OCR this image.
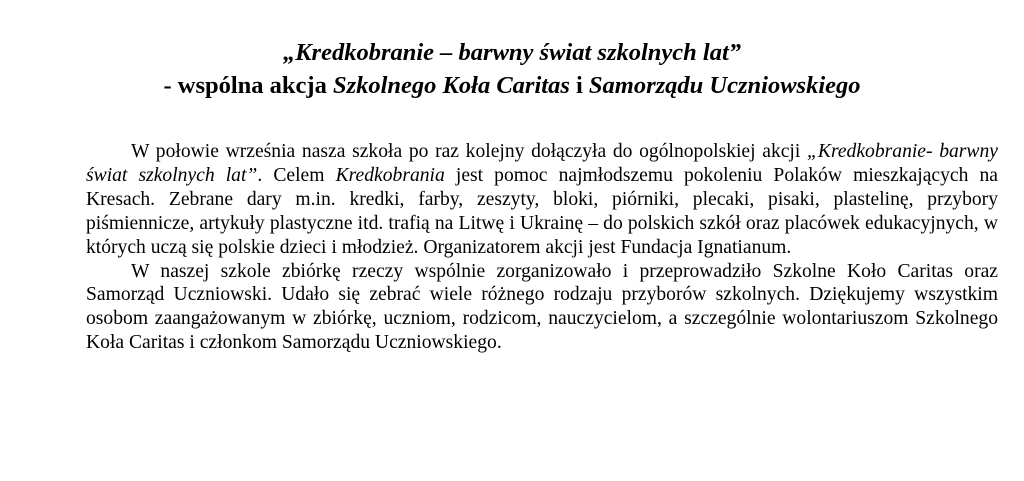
„Kredkobranie – barwny świat szkolnych lat”
- wspólna akcja Szkolnego Koła Caritas i Samorządu Uczniowskiego

W połowie września nasza szkoła po raz kolejny dołączyła do ogólnopolskiej akcji „Kredkobranie- barwny świat szkolnych lat”. Celem Kredkobrania jest pomoc najmłodszemu pokoleniu Polaków mieszkających na Kresach. Zebrane dary m.in. kredki, farby, zeszyty, bloki, piórniki, plecaki, pisaki, plastelinę, przybory piśmiennicze, artykuły plastyczne itd. trafią na Litwę i Ukrainę – do polskich szkół oraz placówek edukacyjnych, w których uczą się polskie dzieci i młodzież. Organizatorem akcji jest Fundacja Ignatianum.

W naszej szkole zbiórkę rzeczy wspólnie zorganizowało i przeprowadziło Szkolne Koło Caritas oraz Samorząd Uczniowski. Udało się zebrać wiele różnego rodzaju przyborów szkolnych. Dziękujemy wszystkim osobom zaangażowanym w zbiórkę, uczniom, rodzicom, nauczycielom, a szczególnie wolontariuszom Szkolnego Koła Caritas i członkom Samorządu Uczniowskiego.
